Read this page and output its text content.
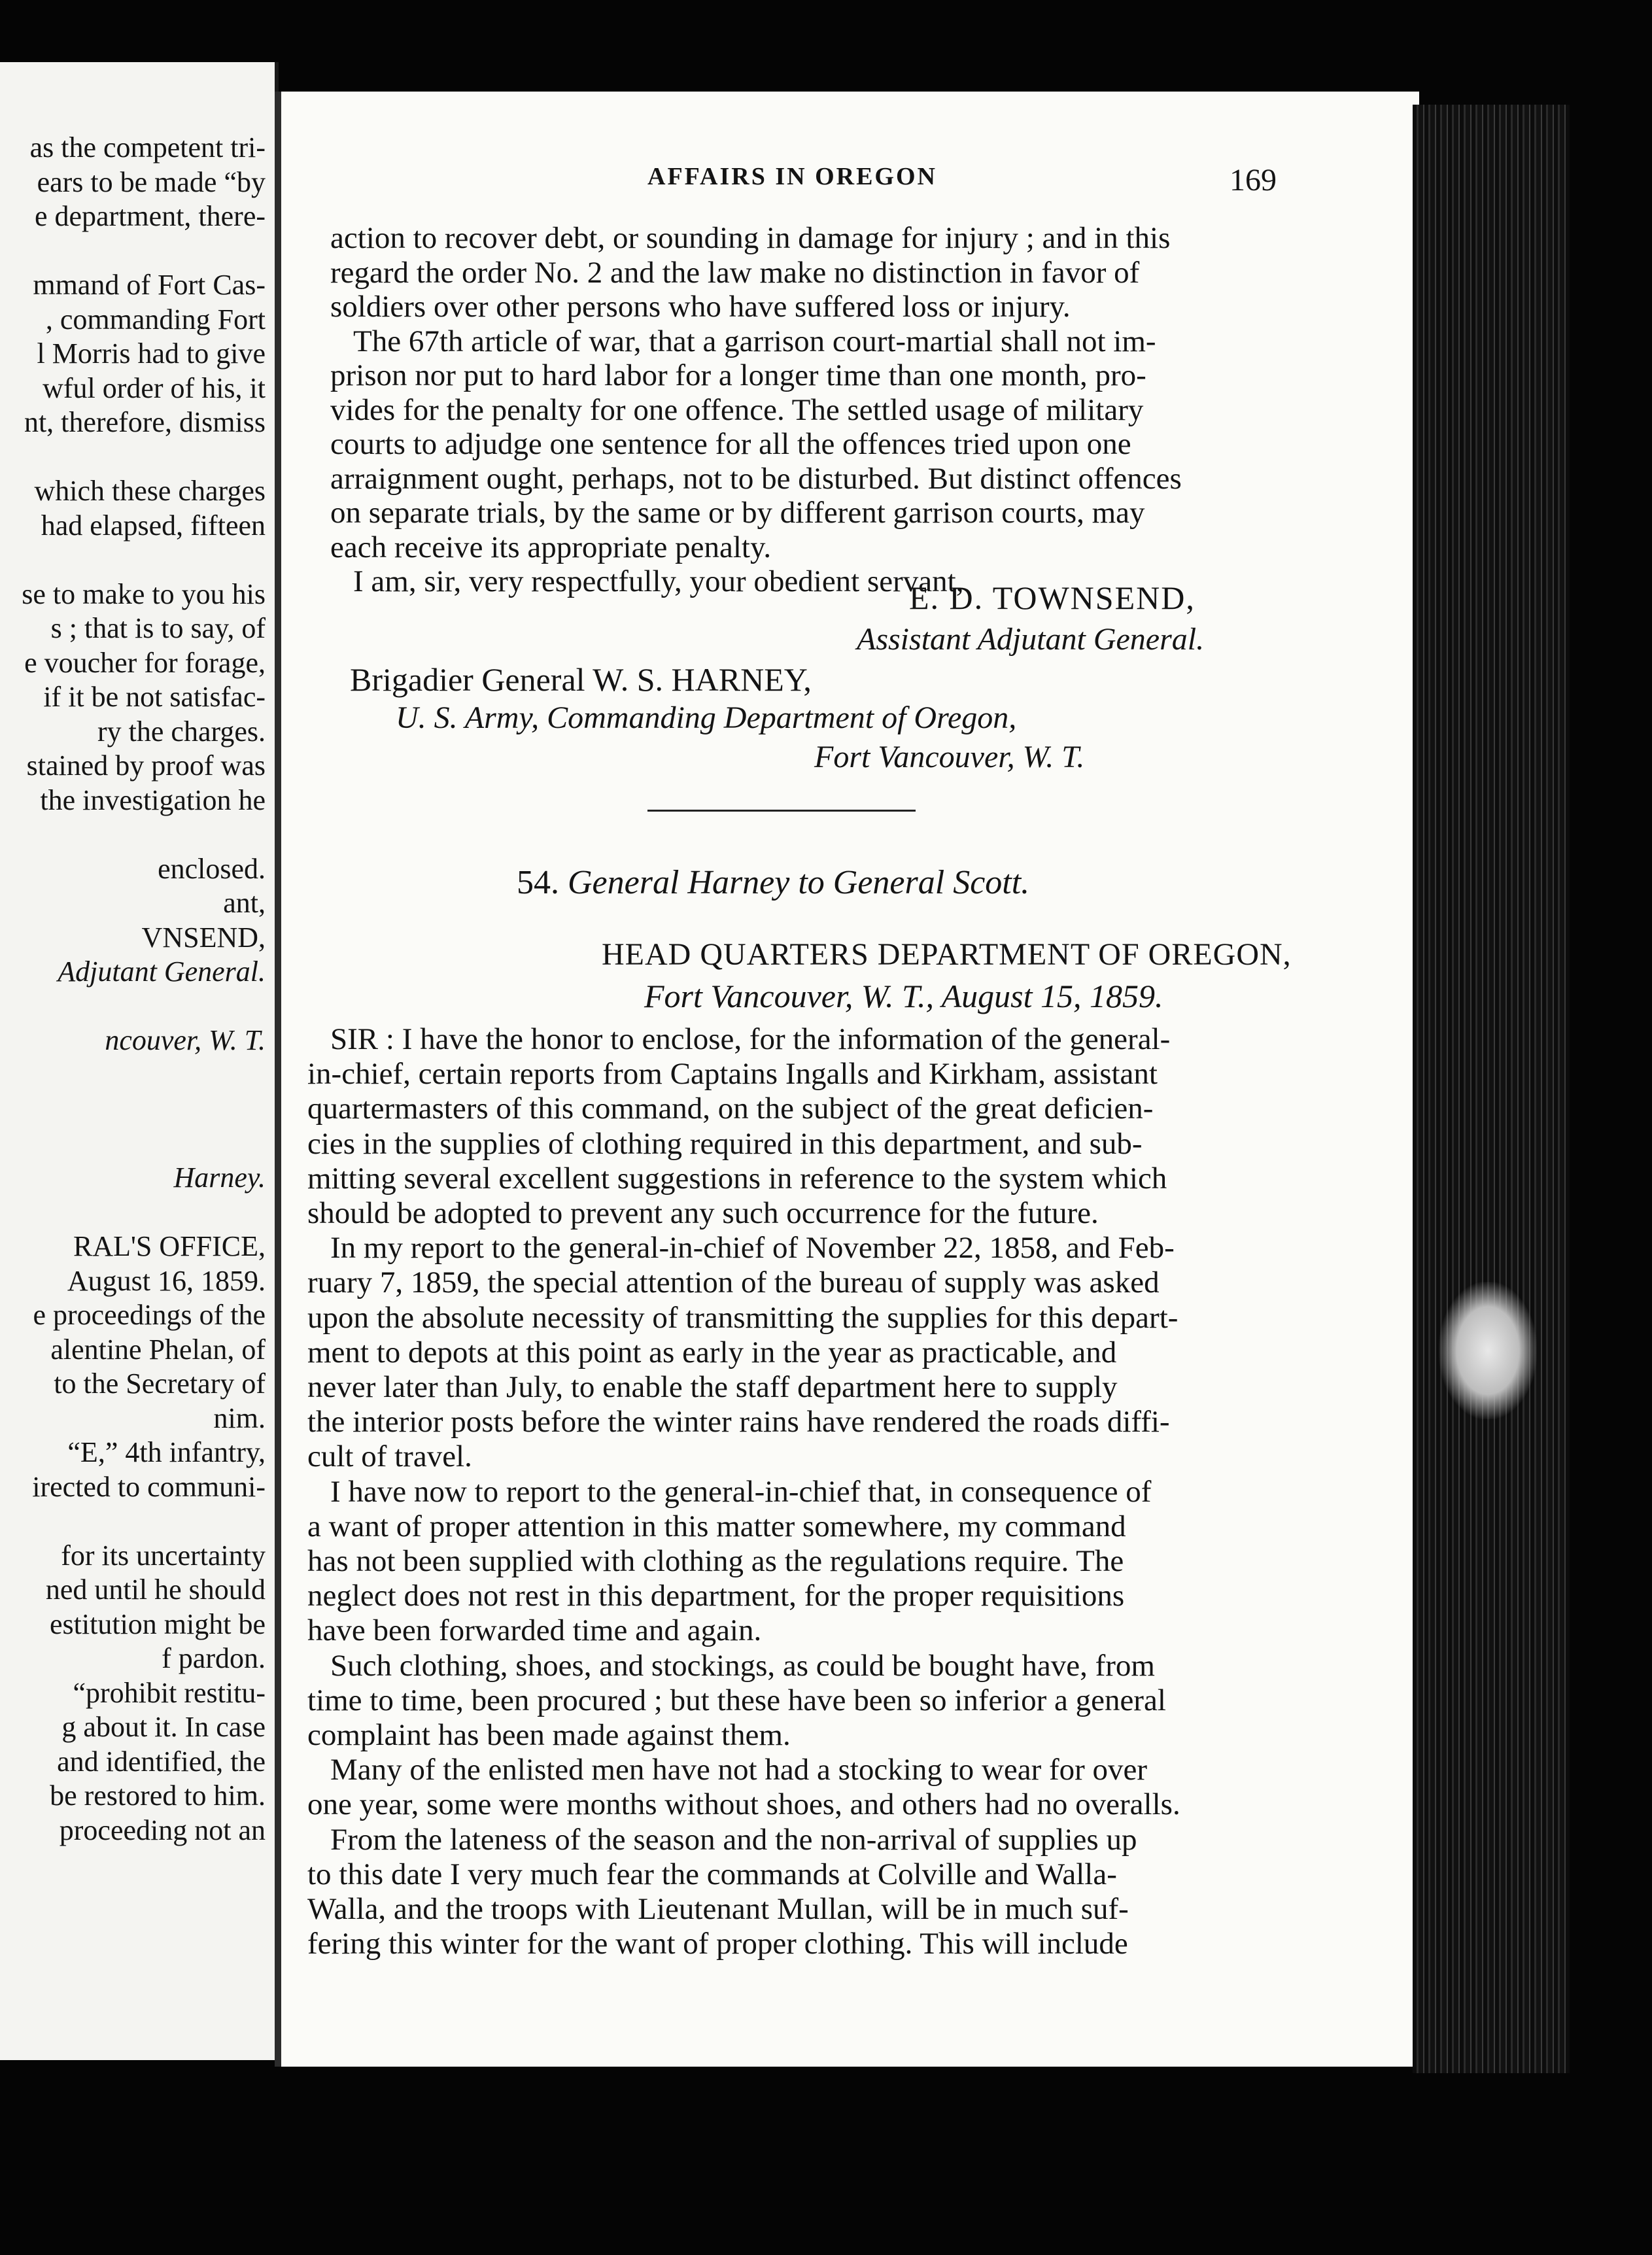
as the competent tri-
ears to be made “by
e department, there-
mmand of Fort Cas-
, commanding Fort
l Morris had to give
wful order of his, it
nt, therefore, dismiss
which these charges
had elapsed, fifteen
se to make to you his
s ; that is to say, of
e voucher for forage,
if it be not satisfac-
ry the charges.
stained by proof was
the investigation he
enclosed.
ant,
VNSEND,
Adjutant General.
ncouver, W. T.
Harney.
RAL'S OFFICE,
August 16, 1859.
e proceedings of the
alentine Phelan, of
to the Secretary of
nim.
“E,” 4th infantry,
irected to communi-
for its uncertainty
ned until he should
estitution might be
f pardon.
“prohibit restitu-
g about it. In case
and identified, the
be restored to him.
proceeding not an
AFFAIRS IN OREGON	169
action to recover debt, or sounding in damage for injury ; and in this
regard the order No. 2 and the law make no distinction in favor of
soldiers over other persons who have suffered loss or injury.
The 67th article of war, that a garrison court-martial shall not im-
prison nor put to hard labor for a longer time than one month, pro-
vides for the penalty for one offence. The settled usage of military
courts to adjudge one sentence for all the offences tried upon one
arraignment ought, perhaps, not to be disturbed. But distinct offences
on separate trials, by the same or by different garrison courts, may
each receive its appropriate penalty.
I am, sir, very respectfully, your obedient servant,
E. D. TOWNSEND,
Assistant Adjutant General.
Brigadier General W. S. HARNEY,
U. S. Army, Commanding Department of Oregon,
Fort Vancouver, W. T.
54. General Harney to General Scott.
HEAD QUARTERS DEPARTMENT OF OREGON,
Fort Vancouver, W. T., August 15, 1859.
SIR : I have the honor to enclose, for the information of the general-
in-chief, certain reports from Captains Ingalls and Kirkham, assistant
quartermasters of this command, on the subject of the great deficien-
cies in the supplies of clothing required in this department, and sub-
mitting several excellent suggestions in reference to the system which
should be adopted to prevent any such occurrence for the future.
In my report to the general-in-chief of November 22, 1858, and Feb-
ruary 7, 1859, the special attention of the bureau of supply was asked
upon the absolute necessity of transmitting the supplies for this depart-
ment to depots at this point as early in the year as practicable, and
never later than July, to enable the staff department here to supply
the interior posts before the winter rains have rendered the roads diffi-
cult of travel.
I have now to report to the general-in-chief that, in consequence of
a want of proper attention in this matter somewhere, my command
has not been supplied with clothing as the regulations require. The
neglect does not rest in this department, for the proper requisitions
have been forwarded time and again.
Such clothing, shoes, and stockings, as could be bought have, from
time to time, been procured ; but these have been so inferior a general
complaint has been made against them.
Many of the enlisted men have not had a stocking to wear for over
one year, some were months without shoes, and others had no overalls.
From the lateness of the season and the non-arrival of supplies up
to this date I very much fear the commands at Colville and Walla-
Walla, and the troops with Lieutenant Mullan, will be in much suf-
fering this winter for the want of proper clothing. This will include
